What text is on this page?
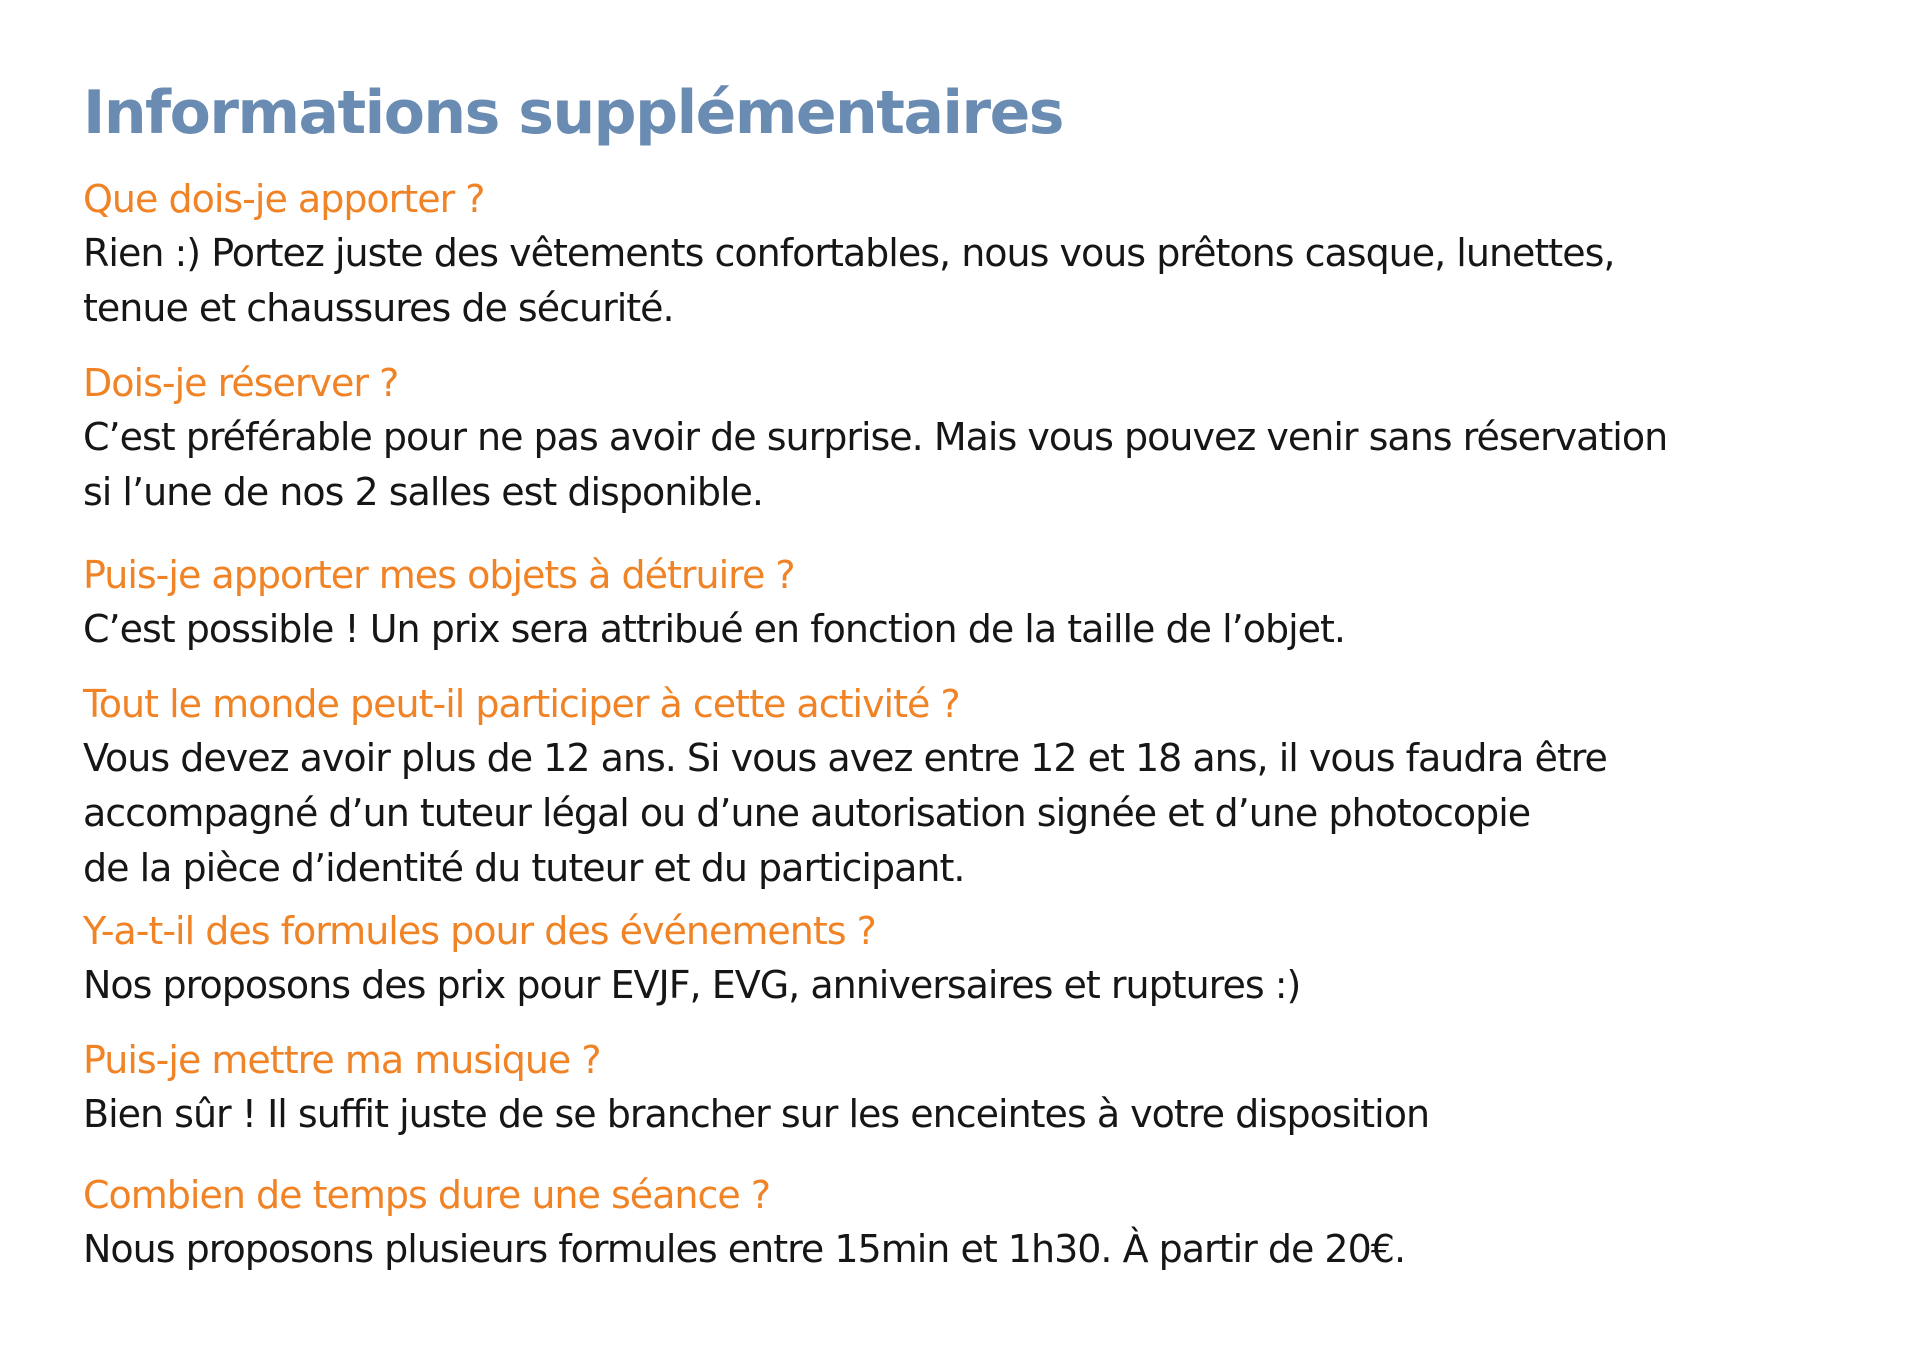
Informations supplémentaires

Que dois-je apporter ?

Rien :) Portez juste des vêtements confortables, nous vous prêtons casque, lunettes,
tenue et chaussures de sécurité.

Dois-je réserver ?

C’est préférable pour ne pas avoir de surprise. Mais vous pouvez venir sans réservation
si l’une de nos 2 salles est disponible.

Puis-je apporter mes objets à détruire ?

C’est possible ! Un prix sera attribué en fonction de la taille de l’objet.

Tout le monde peut-il participer à cette activité ?

Vous devez avoir plus de 12 ans. Si vous avez entre 12 et 18 ans, il vous faudra être
accompagné d’un tuteur légal ou d’une autorisation signée et d’une photocopie
de la pièce d’identité du tuteur et du participant.

Y-a-t-il des formules pour des événements ?

Nos proposons des prix pour EVJF, EVG, anniversaires et ruptures :)

Puis-je mettre ma musique ?

Bien sûr ! Il suffit juste de se brancher sur les enceintes à votre disposition

Combien de temps dure une séance ?

Nous proposons plusieurs formules entre 15min et 1h30. À partir de 20€.
